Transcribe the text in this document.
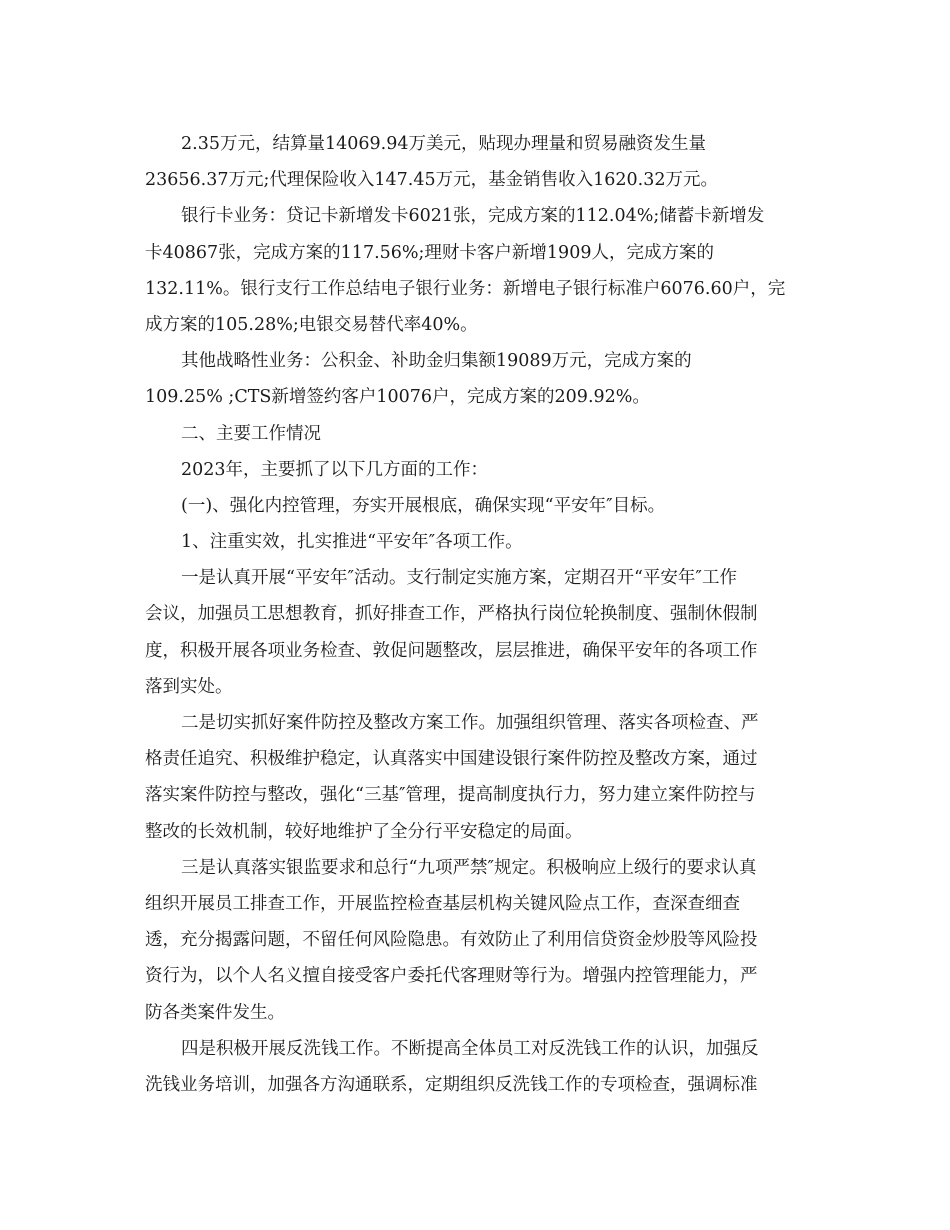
2.35万元，结算量14069.94万美元，贴现办理量和贸易融资发生量
23656.37万元;代理保险收入147.45万元，基金销售收入1620.32万元。
银行卡业务：贷记卡新增发卡6021张，完成方案的112.04%;储蓄卡新增发
卡40867张，完成方案的117.56%;理财卡客户新增1909人，完成方案的
132.11%。银行支行工作总结电子银行业务：新增电子银行标准户6076.60户，完
成方案的105.28%;电银交易替代率40%。
其他战略性业务：公积金、补助金归集额19089万元，完成方案的
109.25% ;CTS新增签约客户10076户，完成方案的209.92%。
二、主要工作情况
2023年，主要抓了以下几方面的工作：
(一)、强化内控管理，夯实开展根底，确保实现“平安年″目标。
1、注重实效，扎实推进“平安年″各项工作。
一是认真开展“平安年″活动。支行制定实施方案，定期召开“平安年″工作
会议，加强员工思想教育，抓好排查工作，严格执行岗位轮换制度、强制休假制
度，积极开展各项业务检查、敦促问题整改，层层推进，确保平安年的各项工作
落到实处。
二是切实抓好案件防控及整改方案工作。加强组织管理、落实各项检查、严
格责任追究、积极维护稳定，认真落实中国建设银行案件防控及整改方案，通过
落实案件防控与整改，强化“三基″管理，提高制度执行力，努力建立案件防控与
整改的长效机制，较好地维护了全分行平安稳定的局面。
三是认真落实银监要求和总行“九项严禁″规定。积极响应上级行的要求认真
组织开展员工排查工作，开展监控检查基层机构关键风险点工作，查深查细查
透，充分揭露问题，不留任何风险隐患。有效防止了利用信贷资金炒股等风险投
资行为，以个人名义擅自接受客户委托代客理财等行为。增强内控管理能力，严
防各类案件发生。
四是积极开展反洗钱工作。不断提高全体员工对反洗钱工作的认识，加强反
洗钱业务培训，加强各方沟通联系，定期组织反洗钱工作的专项检查，强调标准
